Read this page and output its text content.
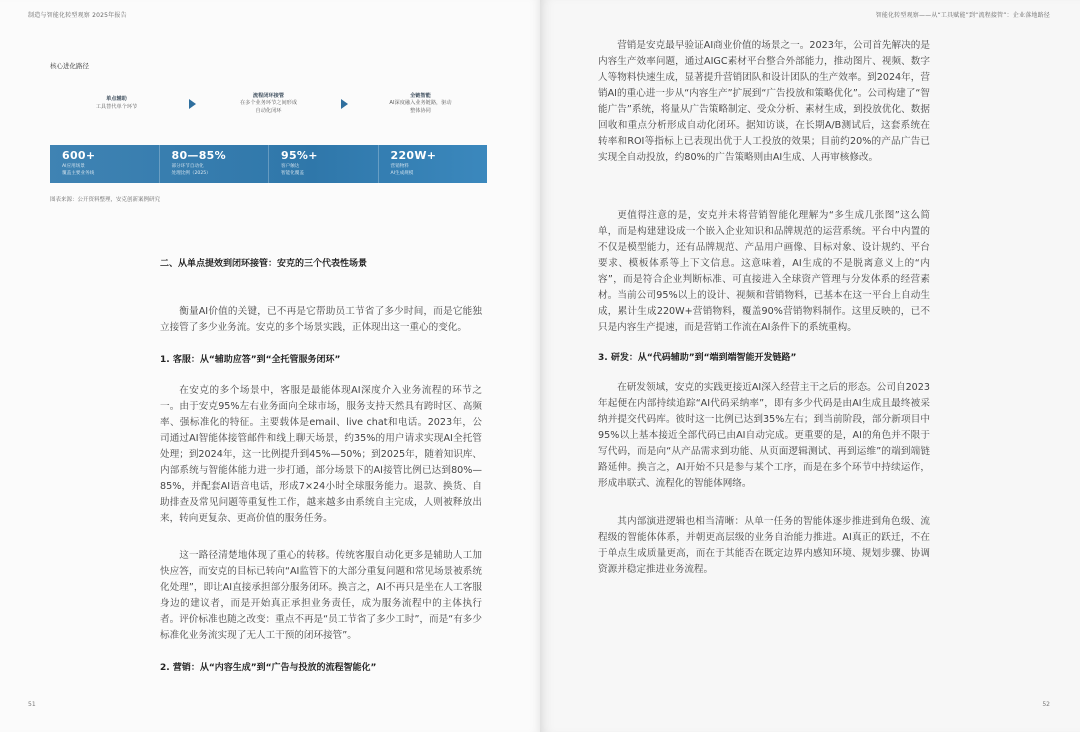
制造与智能化转型观察 2025年报告
核心进化路径
单点辅助
工具替代单个环节
流程闭环接管
在多个业务环节之间形成
自动化闭环
全链智能
AI深度融入业务链路，驱动
整体协同
600+
AI应用场景
覆盖主要业务线
80—85%
部分环节自动化
处理比例（2025）
95%+
客户触达
智能化覆盖
220W+
营销物料
AI生成规模
图表来源：公开资料整理，安克创新案例研究
二、从单点提效到闭环接管：安克的三个代表性场景
衡量AI价值的关键，已不再是它帮助员工节省了多少时间，而是它能独立接管了多少业务流。安克的多个场景实践，正体现出这一重心的变化。
1. 客服：从“辅助应答”到“全托管服务闭环”
在安克的多个场景中，客服是最能体现AI深度介入业务流程的环节之一。由于安克95%左右业务面向全球市场，服务支持天然具有跨时区、高频率、强标准化的特征。主要载体是email、live chat和电话。2023年，公司通过AI智能体接管邮件和线上聊天场景，约35%的用户请求实现AI全托管处理；到2024年，这一比例提升到45%—50%；到2025年，随着知识库、内部系统与智能体能力进一步打通，部分场景下的AI接管比例已达到80%—85%，并配套AI语音电话，形成7×24小时全球服务能力。退款、换货、自助排查及常见问题等重复性工作，越来越多由系统自主完成，人则被释放出来，转向更复杂、更高价值的服务任务。
这一路径清楚地体现了重心的转移。传统客服自动化更多是辅助人工加快应答，而安克的目标已转向“AI监管下的大部分重复问题和常见场景被系统化处理”，即让AI直接承担部分服务闭环。换言之，AI不再只是坐在人工客服身边的建议者，而是开始真正承担业务责任，成为服务流程中的主体执行者。评价标准也随之改变：重点不再是“员工节省了多少工时”，而是“有多少标准化业务流实现了无人工干预的闭环接管”。
2. 营销：从“内容生成”到“广告与投放的流程智能化”
51
智能化转型观察——从“工具赋能”到“流程接管”：企业落地路径
营销是安克最早验证AI商业价值的场景之一。2023年，公司首先解决的是内容生产效率问题，通过AIGC素材平台整合外部能力，推动图片、视频、数字人等物料快速生成，显著提升营销团队和设计团队的生产效率。到2024年，营销AI的重心进一步从“内容生产”扩展到“广告投放和策略优化”。公司构建了“智能广告”系统，将量从广告策略制定、受众分析、素材生成，到投放优化、数据回收和重点分析形成自动化闭环。据知访谈，在长期A/B测试后，这套系统在转率和ROI等指标上已表现出优于人工投放的效果；目前约20%的产品广告已实现全自动投放，约80%的广告策略则由AI生成、人再审核修改。
更值得注意的是，安克并未将营销智能化理解为“多生成几张图”这么简单，而是构建建设成一个嵌入企业知识和品牌规范的运营系统。平台中内置的不仅是模型能力，还有品牌规范、产品用户画像、目标对象、设计规约、平台要求、模板体系等上下文信息。这意味着，AI生成的不是脱离意义上的“内容”，而是符合企业判断标准、可直接进入全球资产管理与分发体系的经营素材。当前公司95%以上的设计、视频和营销物料，已基本在这一平台上自动生成，累计生成220W+营销物料，覆盖90%营销物料制作。这里反映的，已不只是内容生产提速，而是营销工作流在AI条件下的系统重构。
3. 研发：从“代码辅助”到“端到端智能开发链路”
在研发领域，安克的实践更接近AI深入经营主干之后的形态。公司自2023年起便在内部持续追踪“AI代码采纳率”，即有多少代码是由AI生成且最终被采纳并提交代码库。彼时这一比例已达到35%左右；到当前阶段，部分新项目中95%以上基本接近全部代码已由AI自动完成。更重要的是，AI的角色并不限于写代码，而是向“从产品需求到功能、从页面逻辑测试、再到运维”的端到端链路延伸。换言之，AI开始不只是参与某个工序，而是在多个环节中持续运作，形成串联式、流程化的智能体网络。
其内部演进逻辑也相当清晰：从单一任务的智能体逐步推进到角色级、流程级的智能体体系，并朝更高层级的业务自治能力推进。AI真正的跃迁，不在于单点生成质量更高，而在于其能否在既定边界内感知环境、规划步骤、协调资源并稳定推进业务流程。
52
